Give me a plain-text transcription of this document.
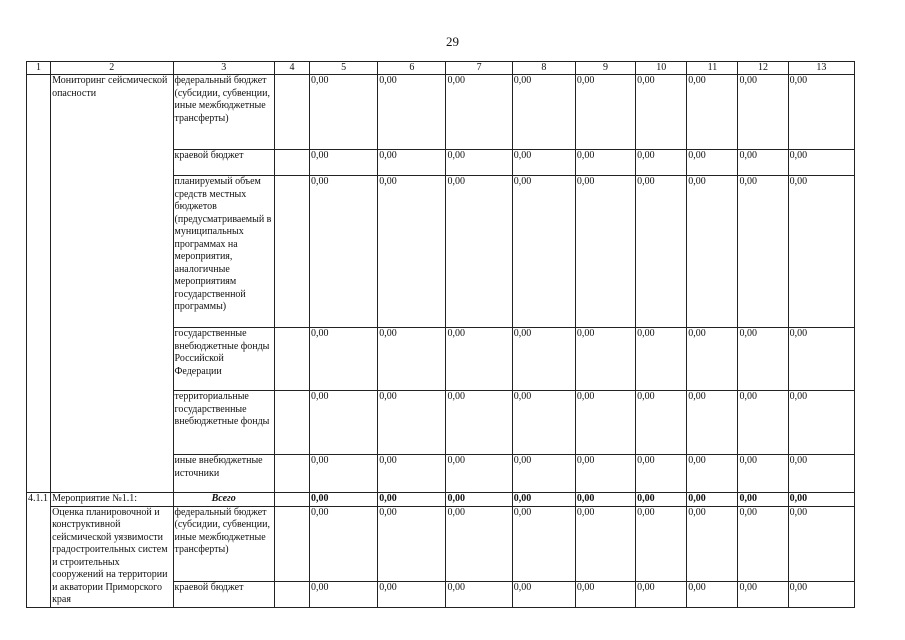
29
1	2	3	4	5	6	7	8	9	10	11	12	13
	Мониторинг сейсмической опасности	федеральный бюджет (субсидии, субвенции, иные межбюджетные трансферты)		0,00	0,00	0,00	0,00	0,00	0,00	0,00	0,00	0,00
		краевой бюджет		0,00	0,00	0,00	0,00	0,00	0,00	0,00	0,00	0,00
		планируемый объем средств местных бюджетов (предусматриваемый в муниципальных программах на мероприятия, аналогичные мероприятиям государственной программы)		0,00	0,00	0,00	0,00	0,00	0,00	0,00	0,00	0,00
		государственные внебюджетные фонды Российской Федерации		0,00	0,00	0,00	0,00	0,00	0,00	0,00	0,00	0,00
		территориальные государственные внебюджетные фонды		0,00	0,00	0,00	0,00	0,00	0,00	0,00	0,00	0,00
		иные внебюджетные источники		0,00	0,00	0,00	0,00	0,00	0,00	0,00	0,00	0,00
4.1.1	Мероприятие №1.1:	Всего		0,00	0,00	0,00	0,00	0,00	0,00	0,00	0,00	0,00
	Оценка планировочной и конструктивной сейсмической уязвимости градостроительных систем и строительных сооружений на территории и акватории Приморского края	федеральный бюджет (субсидии, субвенции, иные межбюджетные трансферты)		0,00	0,00	0,00	0,00	0,00	0,00	0,00	0,00	0,00
		краевой бюджет		0,00	0,00	0,00	0,00	0,00	0,00	0,00	0,00	0,00
